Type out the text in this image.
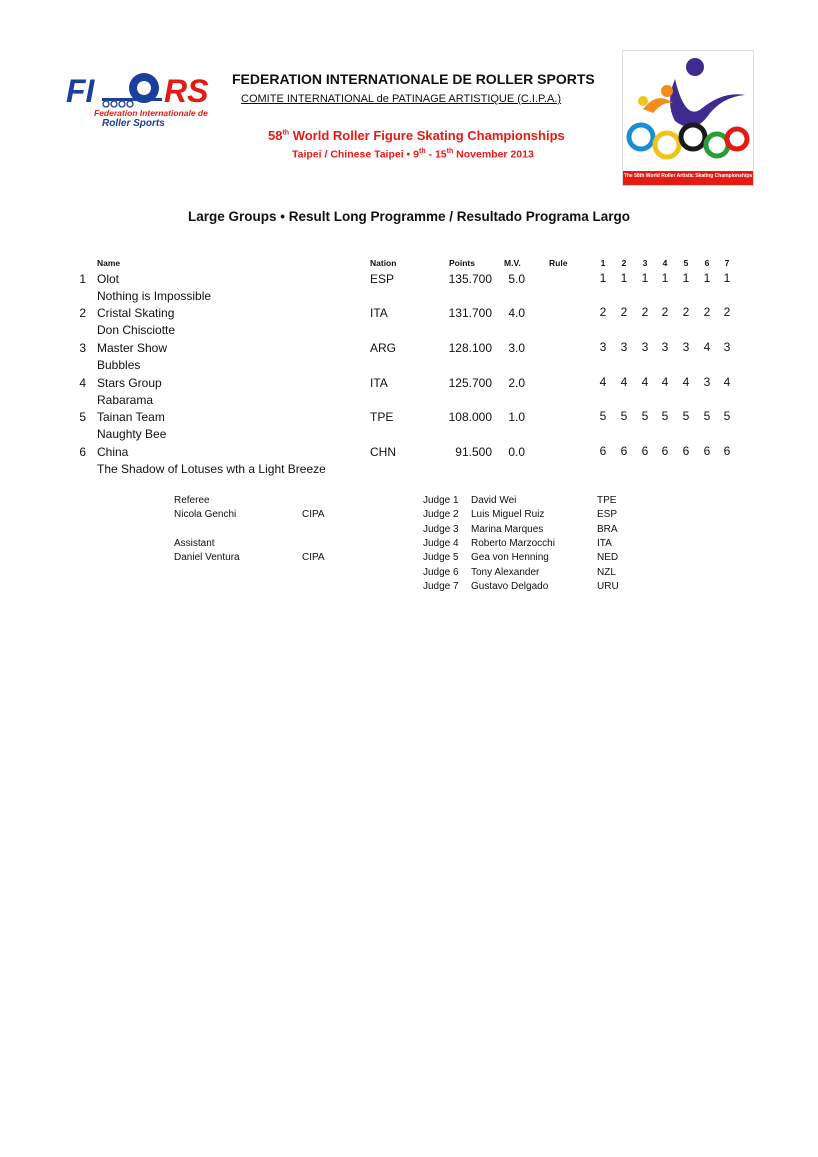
FI RS
Federation Internationale de
Roller Sports
FEDERATION INTERNATIONALE DE ROLLER SPORTS
COMITE INTERNATIONAL de PATINAGE ARTISTIQUE (C.I.P.A.)
58th World Roller Figure Skating Championships
Taipei / Chinese Taipei • 9th - 15th November 2013
The 58th World Roller Artistic Skating Championships
Large Groups • Result Long Programme / Resultado Programa Largo
Name	Nation	Points	M.V.	Rule	1	2	3	4	5	6	7
1 Olot
Nothing is Impossible
ESP	135.700	5.0	1 1 1 1 1 1 1
2 Cristal Skating
Don Chisciotte
ITA	131.700	4.0	2 2 2 2 2 2 2
3 Master Show
Bubbles
ARG	128.100	3.0	3 3 3 3 3 4 3
4 Stars Group
Rabarama
ITA	125.700	2.0	4 4 4 4 4 3 4
5 Tainan Team
Naughty Bee
TPE	108.000	1.0	5 5 5 5 5 5 5
6 China
The Shadow of Lotuses wth a Light Breeze
CHN	91.500	0.0	6 6 6 6 6 6 6
Referee
Nicola Genchi	CIPA
Assistant
Daniel Ventura	CIPA
Judge 1 David Wei	TPE
Judge 2 Luis Miguel Ruiz	ESP
Judge 3 Marina Marques	BRA
Judge 4 Roberto Marzocchi	ITA
Judge 5 Gea von Henning	NED
Judge 6 Tony Alexander	NZL
Judge 7 Gustavo Delgado	URU
